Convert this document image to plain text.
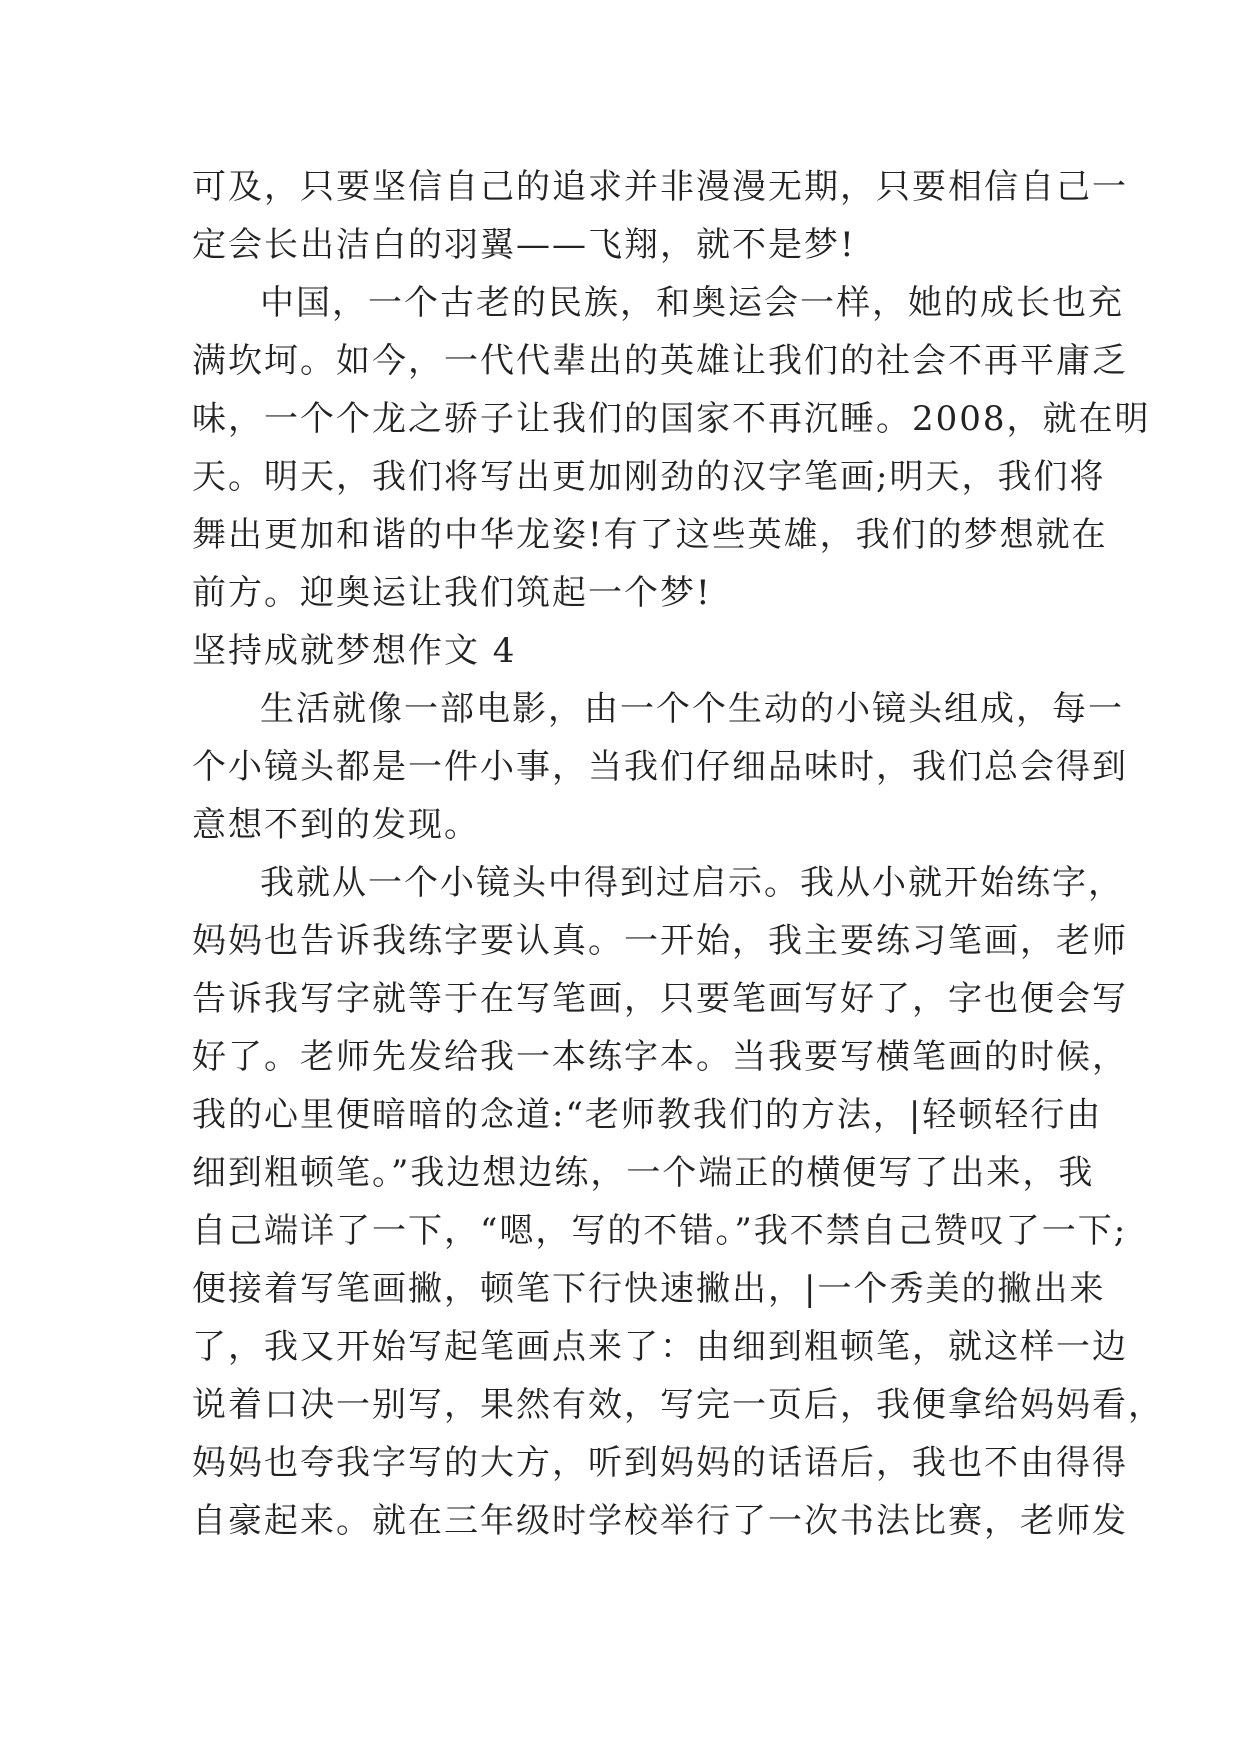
可及，只要坚信自己的追求并非漫漫无期，只要相信自己一
定会长出洁白的羽翼——飞翔，就不是梦!
中国，一个古老的民族，和奥运会一样，她的成长也充
满坎坷。如今，一代代辈出的英雄让我们的社会不再平庸乏
味，一个个龙之骄子让我们的国家不再沉睡。2008，就在明
天。明天，我们将写出更加刚劲的汉字笔画;明天，我们将
舞出更加和谐的中华龙姿!有了这些英雄，我们的梦想就在
前方。迎奥运让我们筑起一个梦!
坚持成就梦想作文 4
生活就像一部电影，由一个个生动的小镜头组成，每一
个小镜头都是一件小事，当我们仔细品味时，我们总会得到
意想不到的发现。
我就从一个小镜头中得到过启示。我从小就开始练字，
妈妈也告诉我练字要认真。一开始，我主要练习笔画，老师
告诉我写字就等于在写笔画，只要笔画写好了，字也便会写
好了。老师先发给我一本练字本。当我要写横笔画的时候，
我的心里便暗暗的念道:“老师教我们的方法，|轻顿轻行由
细到粗顿笔。”我边想边练，一个端正的横便写了出来，我
自己端详了一下，“嗯，写的不错。”我不禁自己赞叹了一下;
便接着写笔画撇，顿笔下行快速撇出，|一个秀美的撇出来
了，我又开始写起笔画点来了：由细到粗顿笔，就这样一边
说着口决一别写，果然有效，写完一页后，我便拿给妈妈看，
妈妈也夸我字写的大方，听到妈妈的话语后，我也不由得得
自豪起来。就在三年级时学校举行了一次书法比赛，老师发
